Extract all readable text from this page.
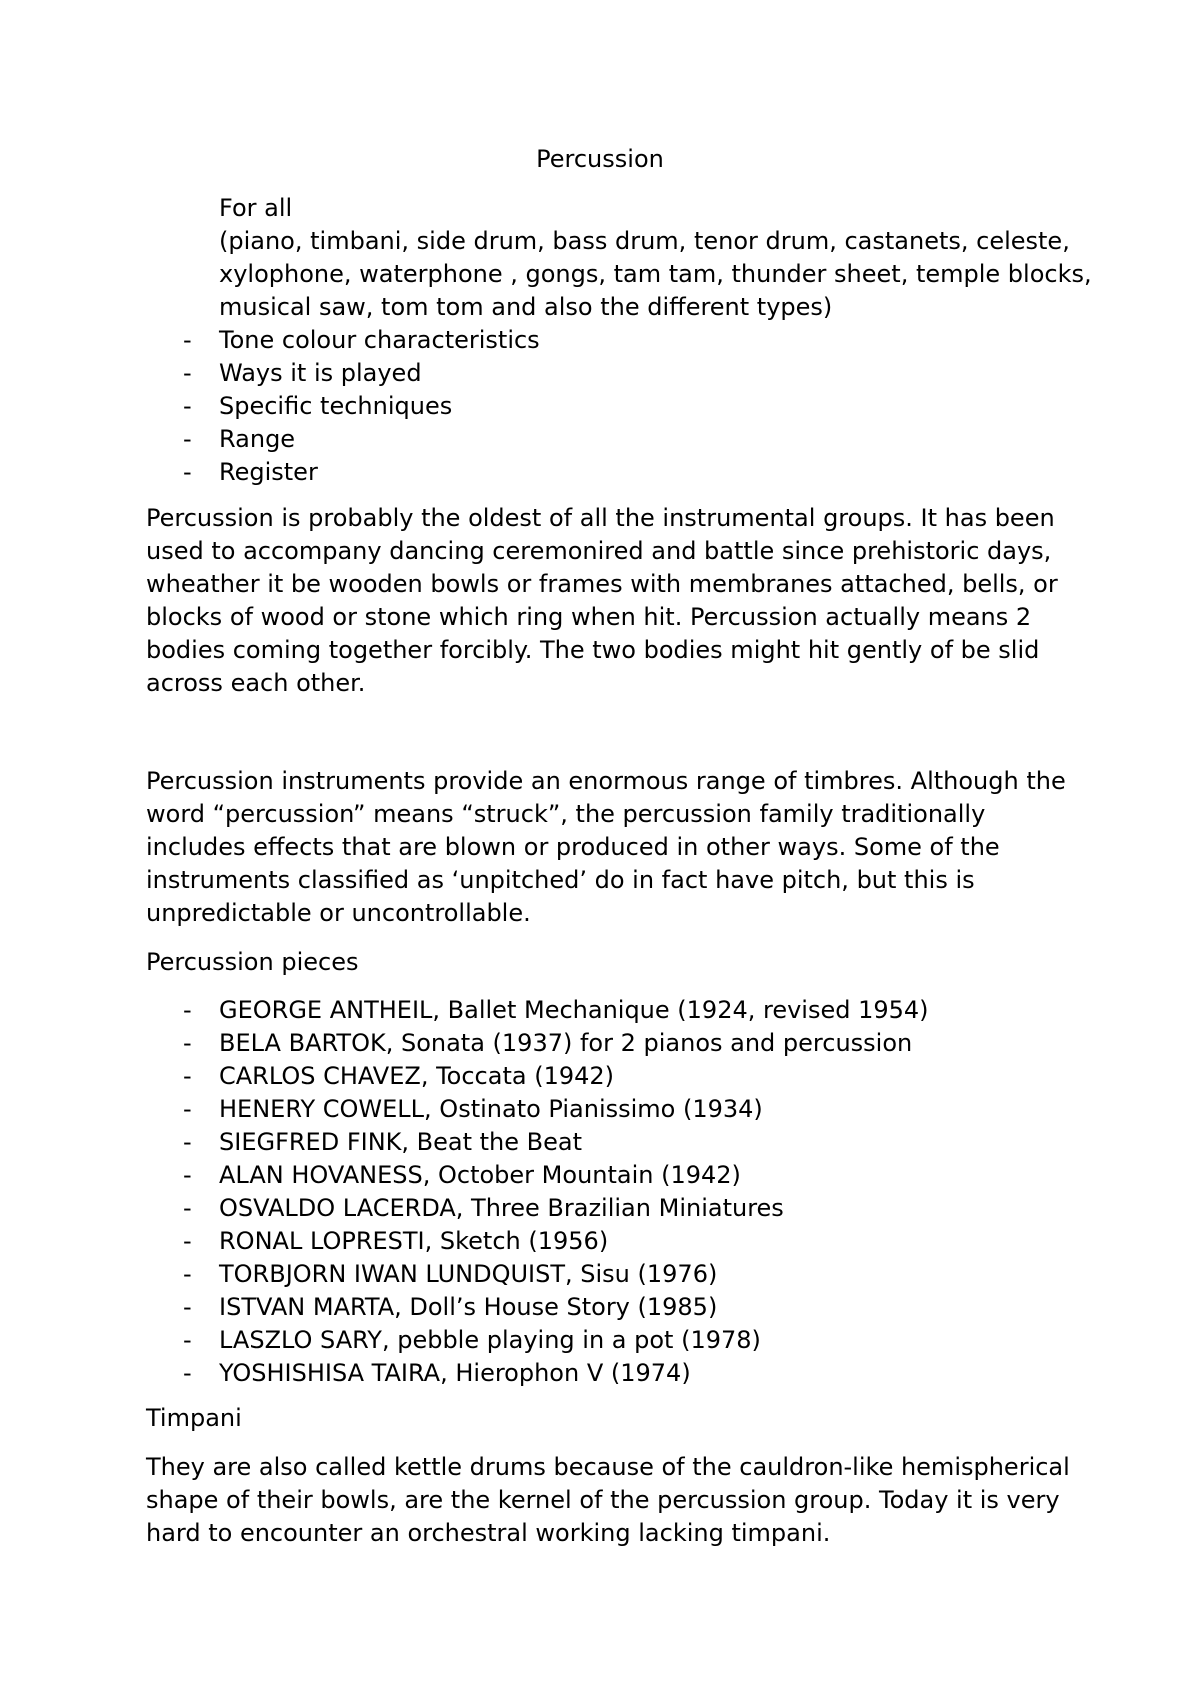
Percussion

For all

(piano, timbani, side drum, bass drum, tenor drum, castanets, celeste, xylophone, waterphone , gongs, tam tam, thunder sheet, temple blocks, musical saw, tom tom and also the different types)

- Tone colour characteristics
- Ways it is played
- Specific techniques
- Range
- Register

Percussion is probably the oldest of all the instrumental groups. It has been used to accompany dancing ceremonired and battle since prehistoric days, wheather it be wooden bowls or frames with membranes attached, bells, or blocks of wood or stone which ring when hit. Percussion actually means 2 bodies coming together forcibly. The two bodies might hit gently of be slid across each other.

Percussion instruments provide an enormous range of timbres. Although the word “percussion” means “struck”, the percussion family traditionally includes effects that are blown or produced in other ways. Some of the instruments classified as ‘unpitched’ do in fact have pitch, but this is unpredictable or uncontrollable.

Percussion pieces

- GEORGE ANTHEIL, Ballet Mechanique (1924, revised 1954)
- BELA BARTOK, Sonata (1937) for 2 pianos and percussion
- CARLOS CHAVEZ, Toccata (1942)
- HENERY COWELL, Ostinato Pianissimo (1934)
- SIEGFRED FINK, Beat the Beat
- ALAN HOVANESS, October Mountain (1942)
- OSVALDO LACERDA, Three Brazilian Miniatures
- RONAL LOPRESTI, Sketch (1956)
- TORBJORN IWAN LUNDQUIST, Sisu (1976)
- ISTVAN MARTA, Doll’s House Story (1985)
- LASZLO SARY, pebble playing in a pot (1978)
- YOSHISHISA TAIRA, Hierophon V (1974)

Timpani

They are also called kettle drums because of the cauldron-like hemispherical shape of their bowls, are the kernel of the percussion group. Today it is very hard to encounter an orchestral working lacking timpani.
